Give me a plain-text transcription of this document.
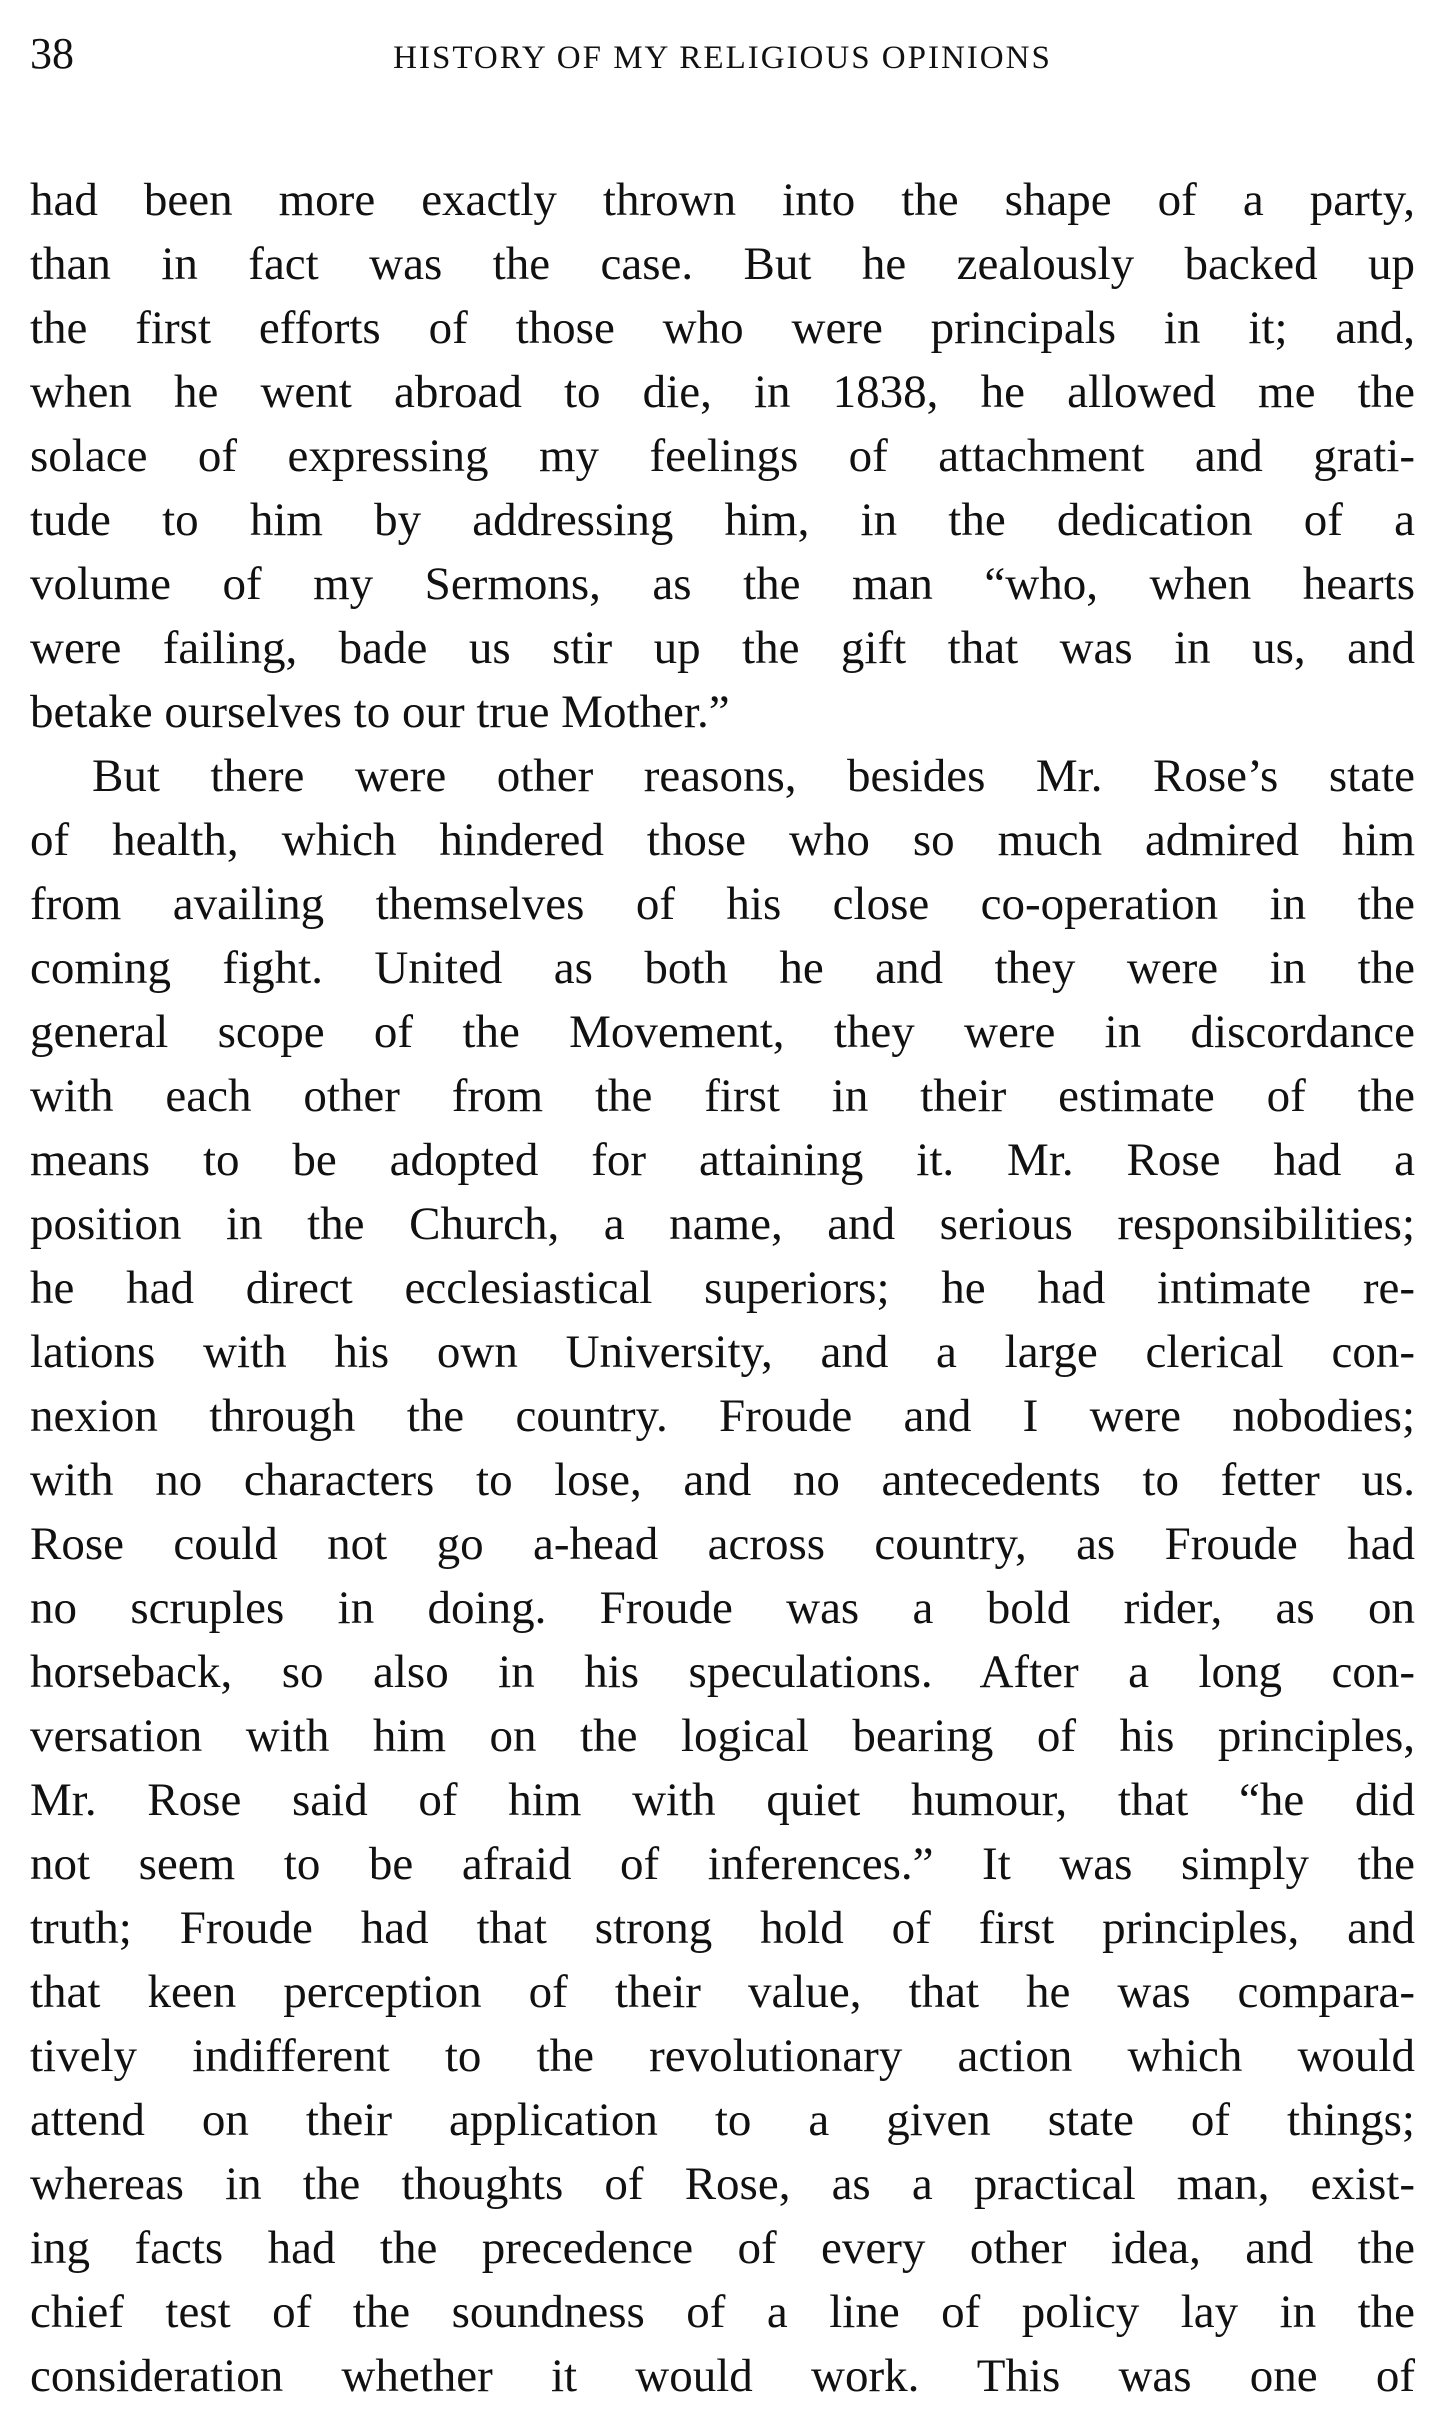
38	HISTORY OF MY RELIGIOUS OPINIONS
had been more exactly thrown into the shape of a party,
than in fact was the case. But he zealously backed up
the first efforts of those who were principals in it; and,
when he went abroad to die, in 1838, he allowed me the
solace of expressing my feelings of attachment and grati-
tude to him by addressing him, in the dedication of a
volume of my Sermons, as the man “who, when hearts
were failing, bade us stir up the gift that was in us, and
betake ourselves to our true Mother.”
But there were other reasons, besides Mr. Rose’s state
of health, which hindered those who so much admired him
from availing themselves of his close co-operation in the
coming fight. United as both he and they were in the
general scope of the Movement, they were in discordance
with each other from the first in their estimate of the
means to be adopted for attaining it. Mr. Rose had a
position in the Church, a name, and serious responsibilities;
he had direct ecclesiastical superiors; he had intimate re-
lations with his own University, and a large clerical con-
nexion through the country. Froude and I were nobodies;
with no characters to lose, and no antecedents to fetter us.
Rose could not go a-head across country, as Froude had
no scruples in doing. Froude was a bold rider, as on
horseback, so also in his speculations. After a long con-
versation with him on the logical bearing of his principles,
Mr. Rose said of him with quiet humour, that “he did
not seem to be afraid of inferences.” It was simply the
truth; Froude had that strong hold of first principles, and
that keen perception of their value, that he was compara-
tively indifferent to the revolutionary action which would
attend on their application to a given state of things;
whereas in the thoughts of Rose, as a practical man, exist-
ing facts had the precedence of every other idea, and the
chief test of the soundness of a line of policy lay in the
consideration whether it would work. This was one of
